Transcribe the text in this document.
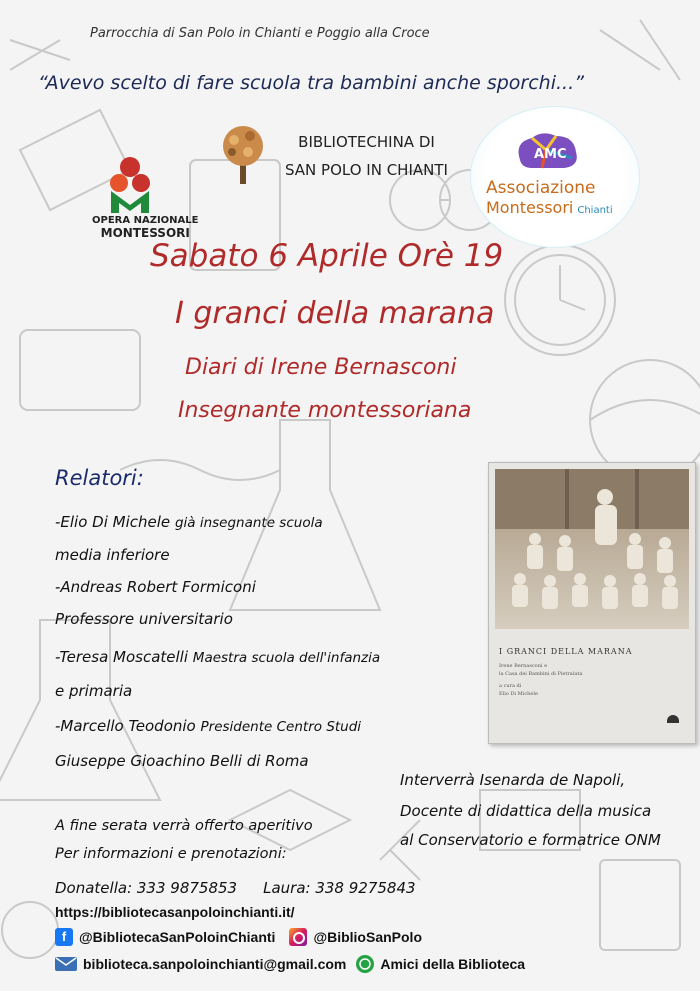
Parrocchia di San Polo in Chianti e Poggio alla Croce
“Avevo scelto di fare scuola tra bambini anche sporchi...”
BIBLIOTECHINA DI
SAN POLO IN CHIANTI
OPERA NAZIONALE
MONTESSORI
AMC
Associazione
Montessori Chianti
Sabato 6 Aprile Orè 19
I granci della marana
Diari di Irene Bernasconi
Insegnante montessoriana
Relatori:
-Elio Di Michele già insegnante scuola
media inferiore
-Andreas Robert Formiconi
Professore universitario
-Teresa Moscatelli Maestra scuola dell'infanzia
e primaria
-Marcello Teodonio Presidente Centro Studi
Giuseppe Gioachino Belli di Roma
I GRANCI DELLA MARANA
Irene Bernasconi e
la Casa dei Bambini di Pietralata
a cura di
Elio Di Michele
Interverrà Isenarda de Napoli,
Docente di didattica della musica
al Conservatorio e formatrice ONM
A fine serata verrà offerto aperitivo
Per informazioni e prenotazioni:
Donatella: 333 9875853 Laura: 338 9275843
https://bibliotecasanpoloinchianti.it/
f @BibliotecaSanPoloinChianti	@BiblioSanPolo
biblioteca.sanpoloinchianti@gmail.com Amici della Biblioteca
